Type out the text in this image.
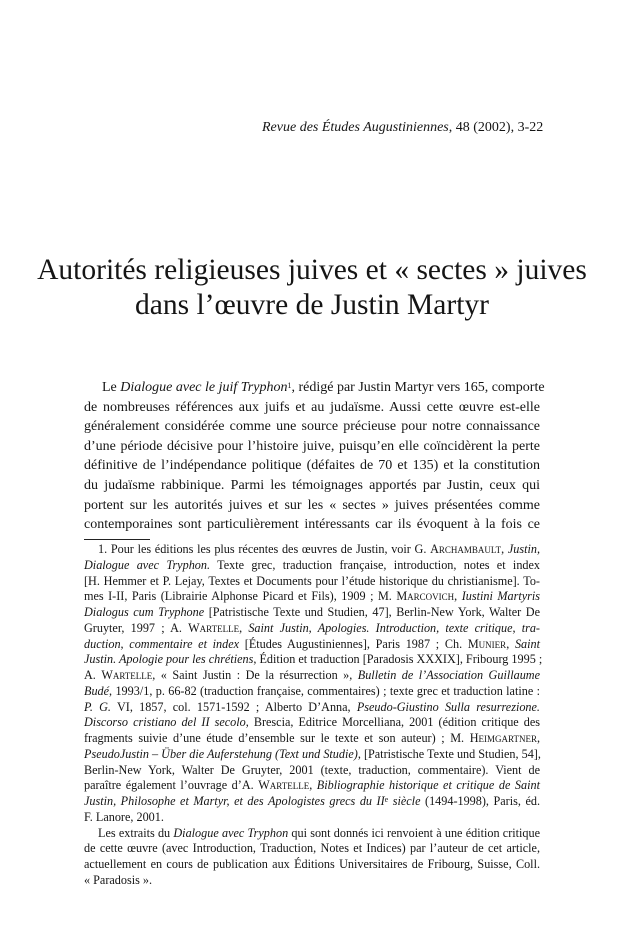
Revue des Études Augustiniennes, 48 (2002), 3-22
Autorités religieuses juives et « sectes » juives
dans l’œuvre de Justin Martyr
Le Dialogue avec le juif Tryphon$^1$, rédigé par Justin Martyr vers 165, comporte
de nombreuses références aux juifs et au judaïsme. Aussi cette œuvre est-elle
généralement considérée comme une source précieuse pour notre connaissance
d’une période décisive pour l’histoire juive, puisqu’en elle coïncidèrent la perte
définitive de l’indépendance politique (défaites de 70 et 135) et la constitution
du judaïsme rabbinique. Parmi les témoignages apportés par Justin, ceux qui
portent sur les autorités juives et sur les « sectes » juives présentées comme
contemporaines sont particulièrement intéressants car ils évoquent à la fois ce
1. Pour les éditions les plus récentes des œuvres de Justin, voir G. Archambault, Justin,
Dialogue avec Tryphon. Texte grec, traduction française, introduction, notes et index
[H. Hemmer et P. Lejay, Textes et Documents pour l’étude historique du christianisme]. To-
mes I-II, Paris (Librairie Alphonse Picard et Fils), 1909 ; M. Marcovich, Iustini Martyris
Dialogus cum Tryphone [Patristische Texte und Studien, 47], Berlin-New York, Walter De
Gruyter, 1997 ; A. Wartelle, Saint Justin, Apologies. Introduction, texte critique, tra-
duction, commentaire et index [Études Augustiniennes], Paris 1987 ; Ch. Munier, Saint
Justin. Apologie pour les chrétiens, Édition et traduction [Paradosis XXXIX], Fribourg 1995 ;
A. Wartelle, « Saint Justin : De la résurrection », Bulletin de l’Association Guillaume
Budé, 1993/1, p. 66-82 (traduction française, commentaires) ; texte grec et traduction latine :
P. G. VI, 1857, col. 1571-1592 ; Alberto D’Anna, Pseudo-Giustino Sulla resurrezione.
Discorso cristiano del II secolo, Brescia, Editrice Morcelliana, 2001 (édition critique des
fragments suivie d’une étude d’ensemble sur le texte et son auteur) ; M. Heimgartner,
PseudoJustin – Über die Auferstehung (Text und Studie), [Patristische Texte und Studien, 54],
Berlin-New York, Walter De Gruyter, 2001 (texte, traduction, commentaire). Vient de
paraître également l’ouvrage d’A. Wartelle, Bibliographie historique et critique de Saint
Justin, Philosophe et Martyr, et des Apologistes grecs du IIe siècle (1494-1998), Paris, éd.
F. Lanore, 2001.
Les extraits du Dialogue avec Tryphon qui sont donnés ici renvoient à une édition critique
de cette œuvre (avec Introduction, Traduction, Notes et Indices) par l’auteur de cet article,
actuellement en cours de publication aux Éditions Universitaires de Fribourg, Suisse, Coll.
« Paradosis ».
